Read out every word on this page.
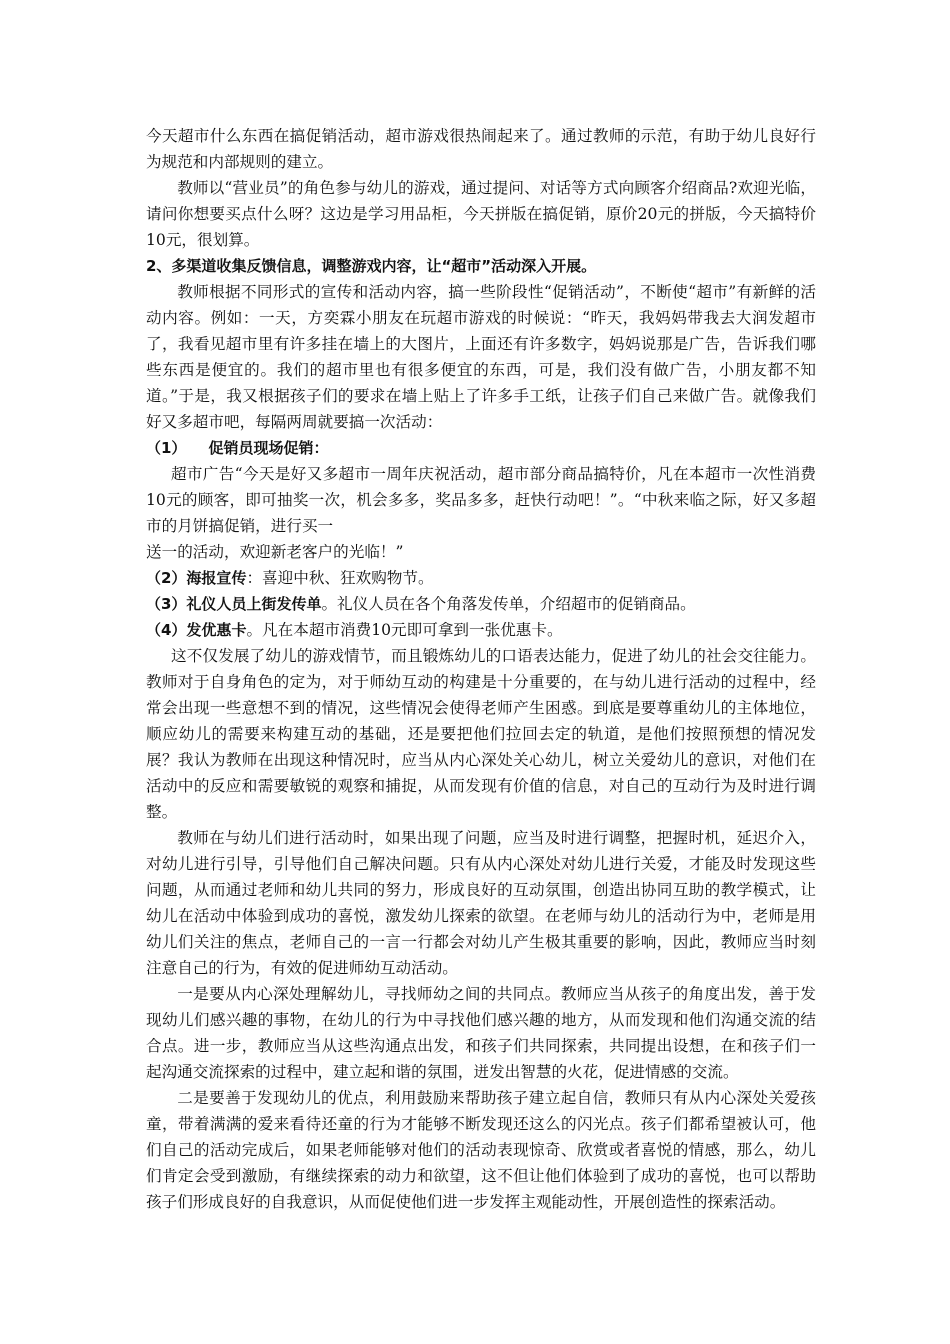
今天超市什么东西在搞促销活动，超市游戏很热闹起来了。通过教师的示范，有助于幼儿良好行为规范和内部规则的建立。

教师以“营业员”的角色参与幼儿的游戏，通过提问、对话等方式向顾客介绍商品?欢迎光临，请问你想要买点什么呀？这边是学习用品柜，今天拼版在搞促销，原价20元的拼版，今天搞特价10元，很划算。

2、多渠道收集反馈信息，调整游戏内容，让“超市”活动深入开展。

教师根据不同形式的宣传和活动内容，搞一些阶段性“促销活动”，不断使“超市”有新鲜的活动内容。例如：一天，方奕霖小朋友在玩超市游戏的时候说：“昨天，我妈妈带我去大润发超市了，我看见超市里有许多挂在墙上的大图片，上面还有许多数字，妈妈说那是广告，告诉我们哪些东西是便宜的。我们的超市里也有很多便宜的东西，可是，我们没有做广告，小朋友都不知道。”于是，我又根据孩子们的要求在墙上贴上了许多手工纸，让孩子们自己来做广告。就像我们好又多超市吧，每隔两周就要搞一次活动：

（1） 促销员现场促销：

超市广告“今天是好又多超市一周年庆祝活动，超市部分商品搞特价，凡在本超市一次性消费10元的顾客，即可抽奖一次，机会多多，奖品多多，赶快行动吧！”。“中秋来临之际，好又多超市的月饼搞促销，进行买一

送一的活动，欢迎新老客户的光临！”

（2）海报宣传：喜迎中秋、狂欢购物节。

（3）礼仪人员上街发传单。礼仪人员在各个角落发传单，介绍超市的促销商品。

（4）发优惠卡。凡在本超市消费10元即可拿到一张优惠卡。

这不仅发展了幼儿的游戏情节，而且锻炼幼儿的口语表达能力，促进了幼儿的社会交往能力。教师对于自身角色的定为，对于师幼互动的构建是十分重要的，在与幼儿进行活动的过程中，经常会出现一些意想不到的情况，这些情况会使得老师产生困惑。到底是要尊重幼儿的主体地位，顺应幼儿的需要来构建互动的基础，还是要把他们拉回去定的轨道，是他们按照预想的情况发展？我认为教师在出现这种情况时，应当从内心深处关心幼儿，树立关爱幼儿的意识，对他们在活动中的反应和需要敏锐的观察和捕捉，从而发现有价值的信息，对自己的互动行为及时进行调整。

教师在与幼儿们进行活动时，如果出现了问题，应当及时进行调整，把握时机，延迟介入，对幼儿进行引导，引导他们自己解决问题。只有从内心深处对幼儿进行关爱，才能及时发现这些问题，从而通过老师和幼儿共同的努力，形成良好的互动氛围，创造出协同互助的教学模式，让幼儿在活动中体验到成功的喜悦，激发幼儿探索的欲望。在老师与幼儿的活动行为中，老师是用幼儿们关注的焦点，老师自己的一言一行都会对幼儿产生极其重要的影响，因此，教师应当时刻注意自己的行为，有效的促进师幼互动活动。

一是要从内心深处理解幼儿，寻找师幼之间的共同点。教师应当从孩子的角度出发，善于发现幼儿们感兴趣的事物，在幼儿的行为中寻找他们感兴趣的地方，从而发现和他们沟通交流的结合点。进一步，教师应当从这些沟通点出发，和孩子们共同探索，共同提出设想，在和孩子们一起沟通交流探索的过程中，建立起和谐的氛围，迸发出智慧的火花，促进情感的交流。

二是要善于发现幼儿的优点，利用鼓励来帮助孩子建立起自信，教师只有从内心深处关爱孩童，带着满满的爱来看待还童的行为才能够不断发现还这么的闪光点。孩子们都希望被认可，他们自己的活动完成后，如果老师能够对他们的活动表现惊奇、欣赏或者喜悦的情感，那么，幼儿们肯定会受到激励，有继续探索的动力和欲望，这不但让他们体验到了成功的喜悦，也可以帮助孩子们形成良好的自我意识，从而促使他们进一步发挥主观能动性，开展创造性的探索活动。
